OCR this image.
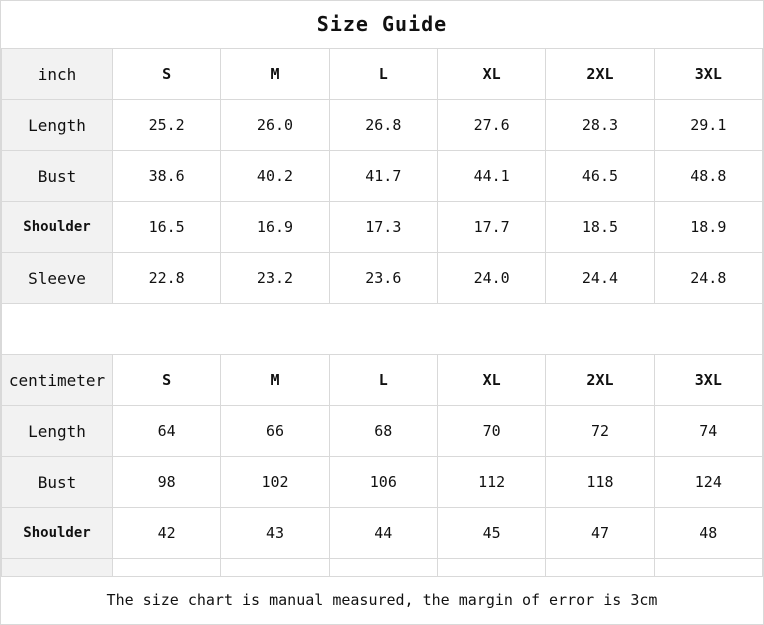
Size Guide
inch	S	M	L	XL	2XL	3XL
Length	25.2	26.0	26.8	27.6	28.3	29.1
Bust	38.6	40.2	41.7	44.1	46.5	48.8
Shoulder	16.5	16.9	17.3	17.7	18.5	18.9
Sleeve	22.8	23.2	23.6	24.0	24.4	24.8

centimeter	S	M	L	XL	2XL	3XL
Length	64	66	68	70	72	74
Bust	98	102	106	112	118	124
Shoulder	42	43	44	45	47	48

The size chart is manual measured, the margin of error is 3cm
